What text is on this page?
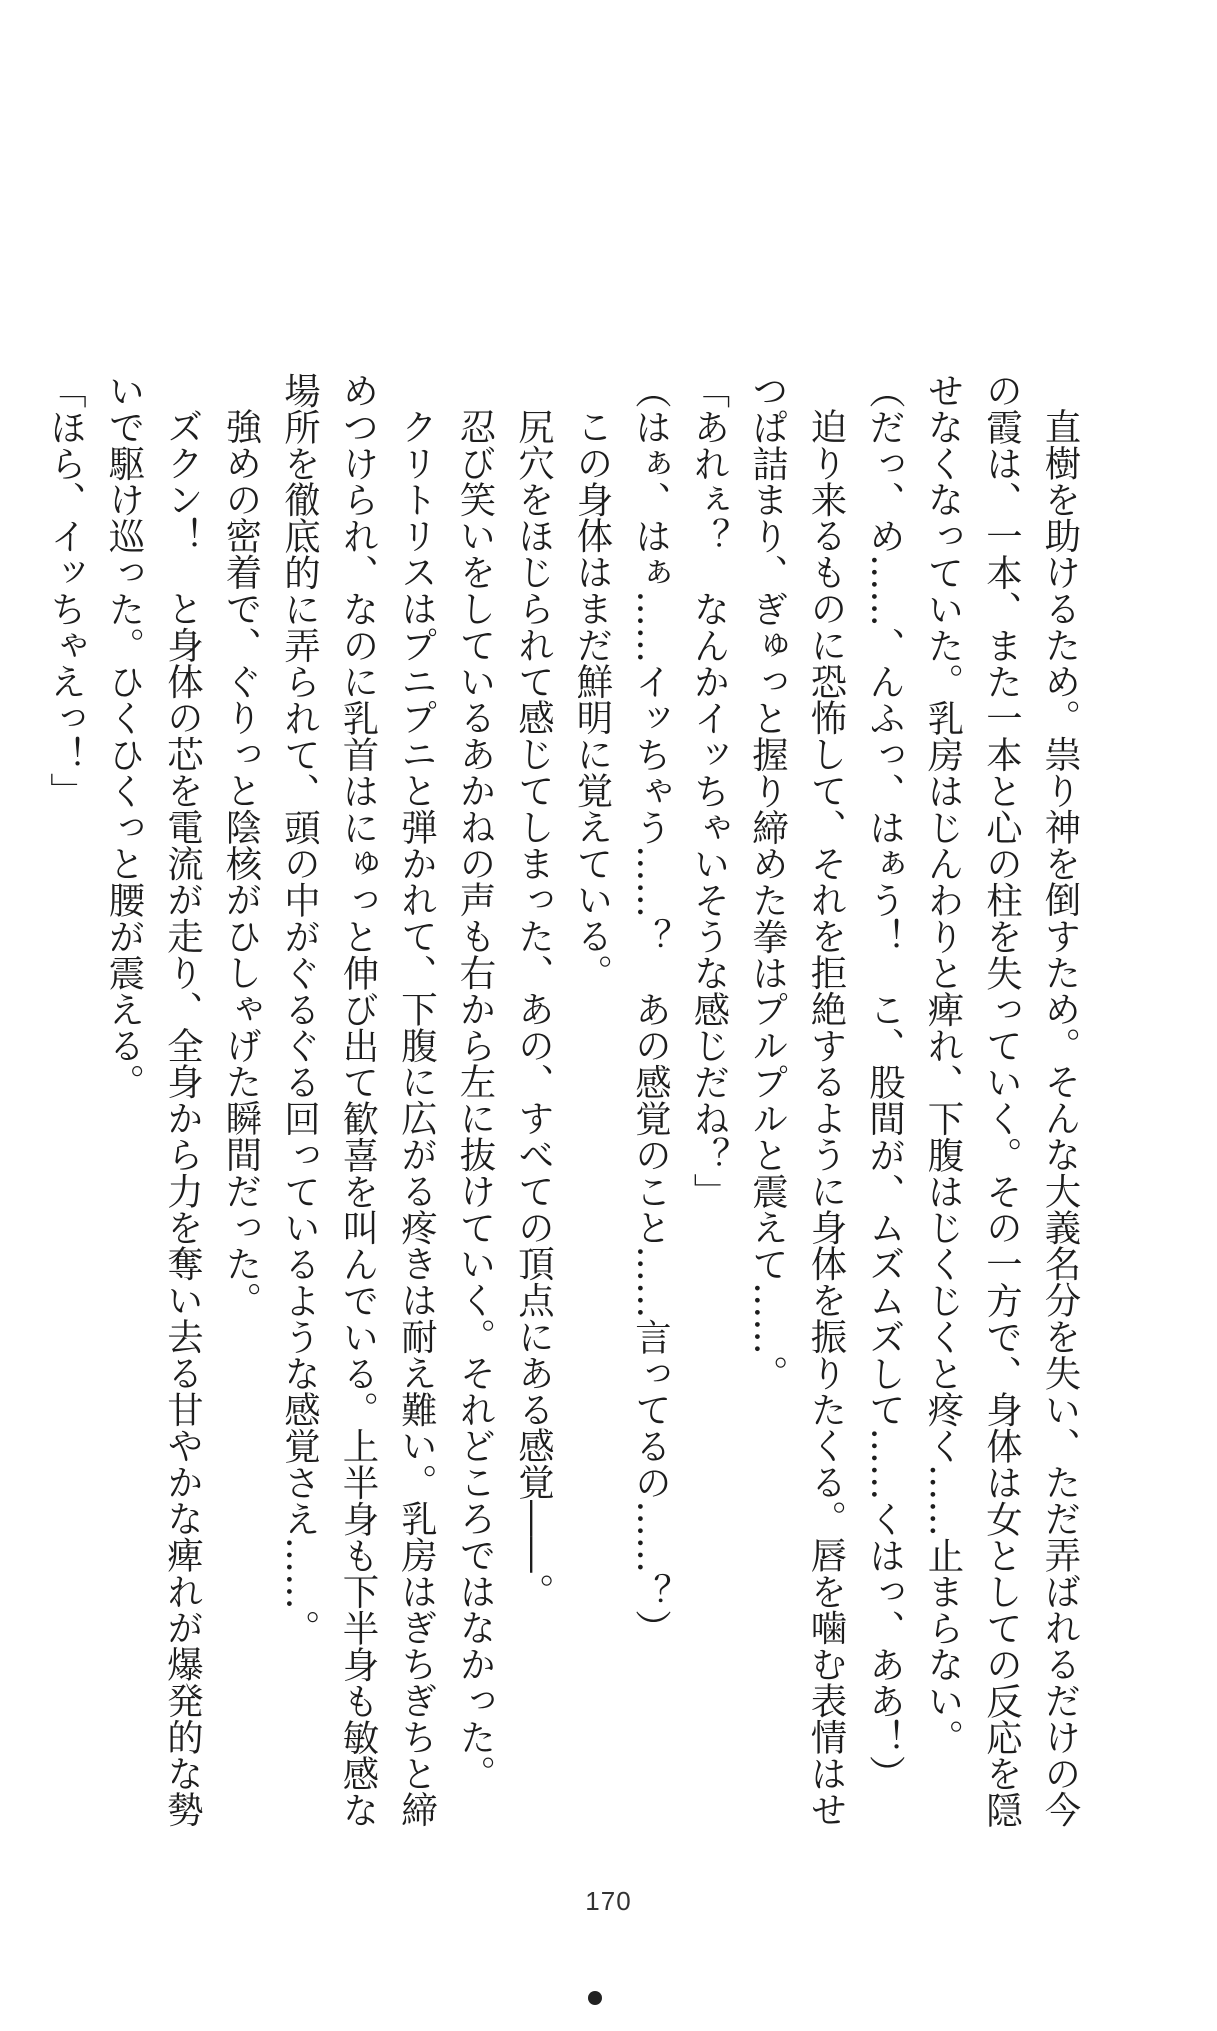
直樹を助けるため。祟り神を倒すため。そんな大義名分を失い、ただ弄ばれるだけの今

の霞は、一本、また一本と心の柱を失っていく。その一方で、身体は女としての反応を隠

せなくなっていた。乳房はじんわりと痺れ、下腹はじくじくと疼く……止まらない。

（だっ、め……、んふっ、はぁう！　こ、股間が、ムズムズして……くはっ、ああ！）

迫り来るものに恐怖して、それを拒絶するように身体を振りたくる。唇を噛む表情はせ

つぱ詰まり、ぎゅっと握り締めた拳はプルプルと震えて……。

「あれぇ？　なんかイッちゃいそうな感じだね？」

（はぁ、はぁ……イッちゃう……？　あの感覚のこと……言ってるの……？）

この身体はまだ鮮明に覚えている。

尻穴をほじられて感じてしまった、あの、すべての頂点にある感覚――。

忍び笑いをしているあかねの声も右から左に抜けていく。それどころではなかった。

クリトリスはプニプニと弾かれて、下腹に広がる疼きは耐え難い。乳房はぎちぎちと締

めつけられ、なのに乳首はにゅっと伸び出て歓喜を叫んでいる。上半身も下半身も敏感な

場所を徹底的に弄られて、頭の中がぐるぐる回っているような感覚さえ……。

強めの密着で、ぐりっと陰核がひしゃげた瞬間だった。

ズクン！　と身体の芯を電流が走り、全身から力を奪い去る甘やかな痺れが爆発的な勢

いで駆け巡った。ひくひくっと腰が震える。

「ほら、イッちゃえっ！」

170
